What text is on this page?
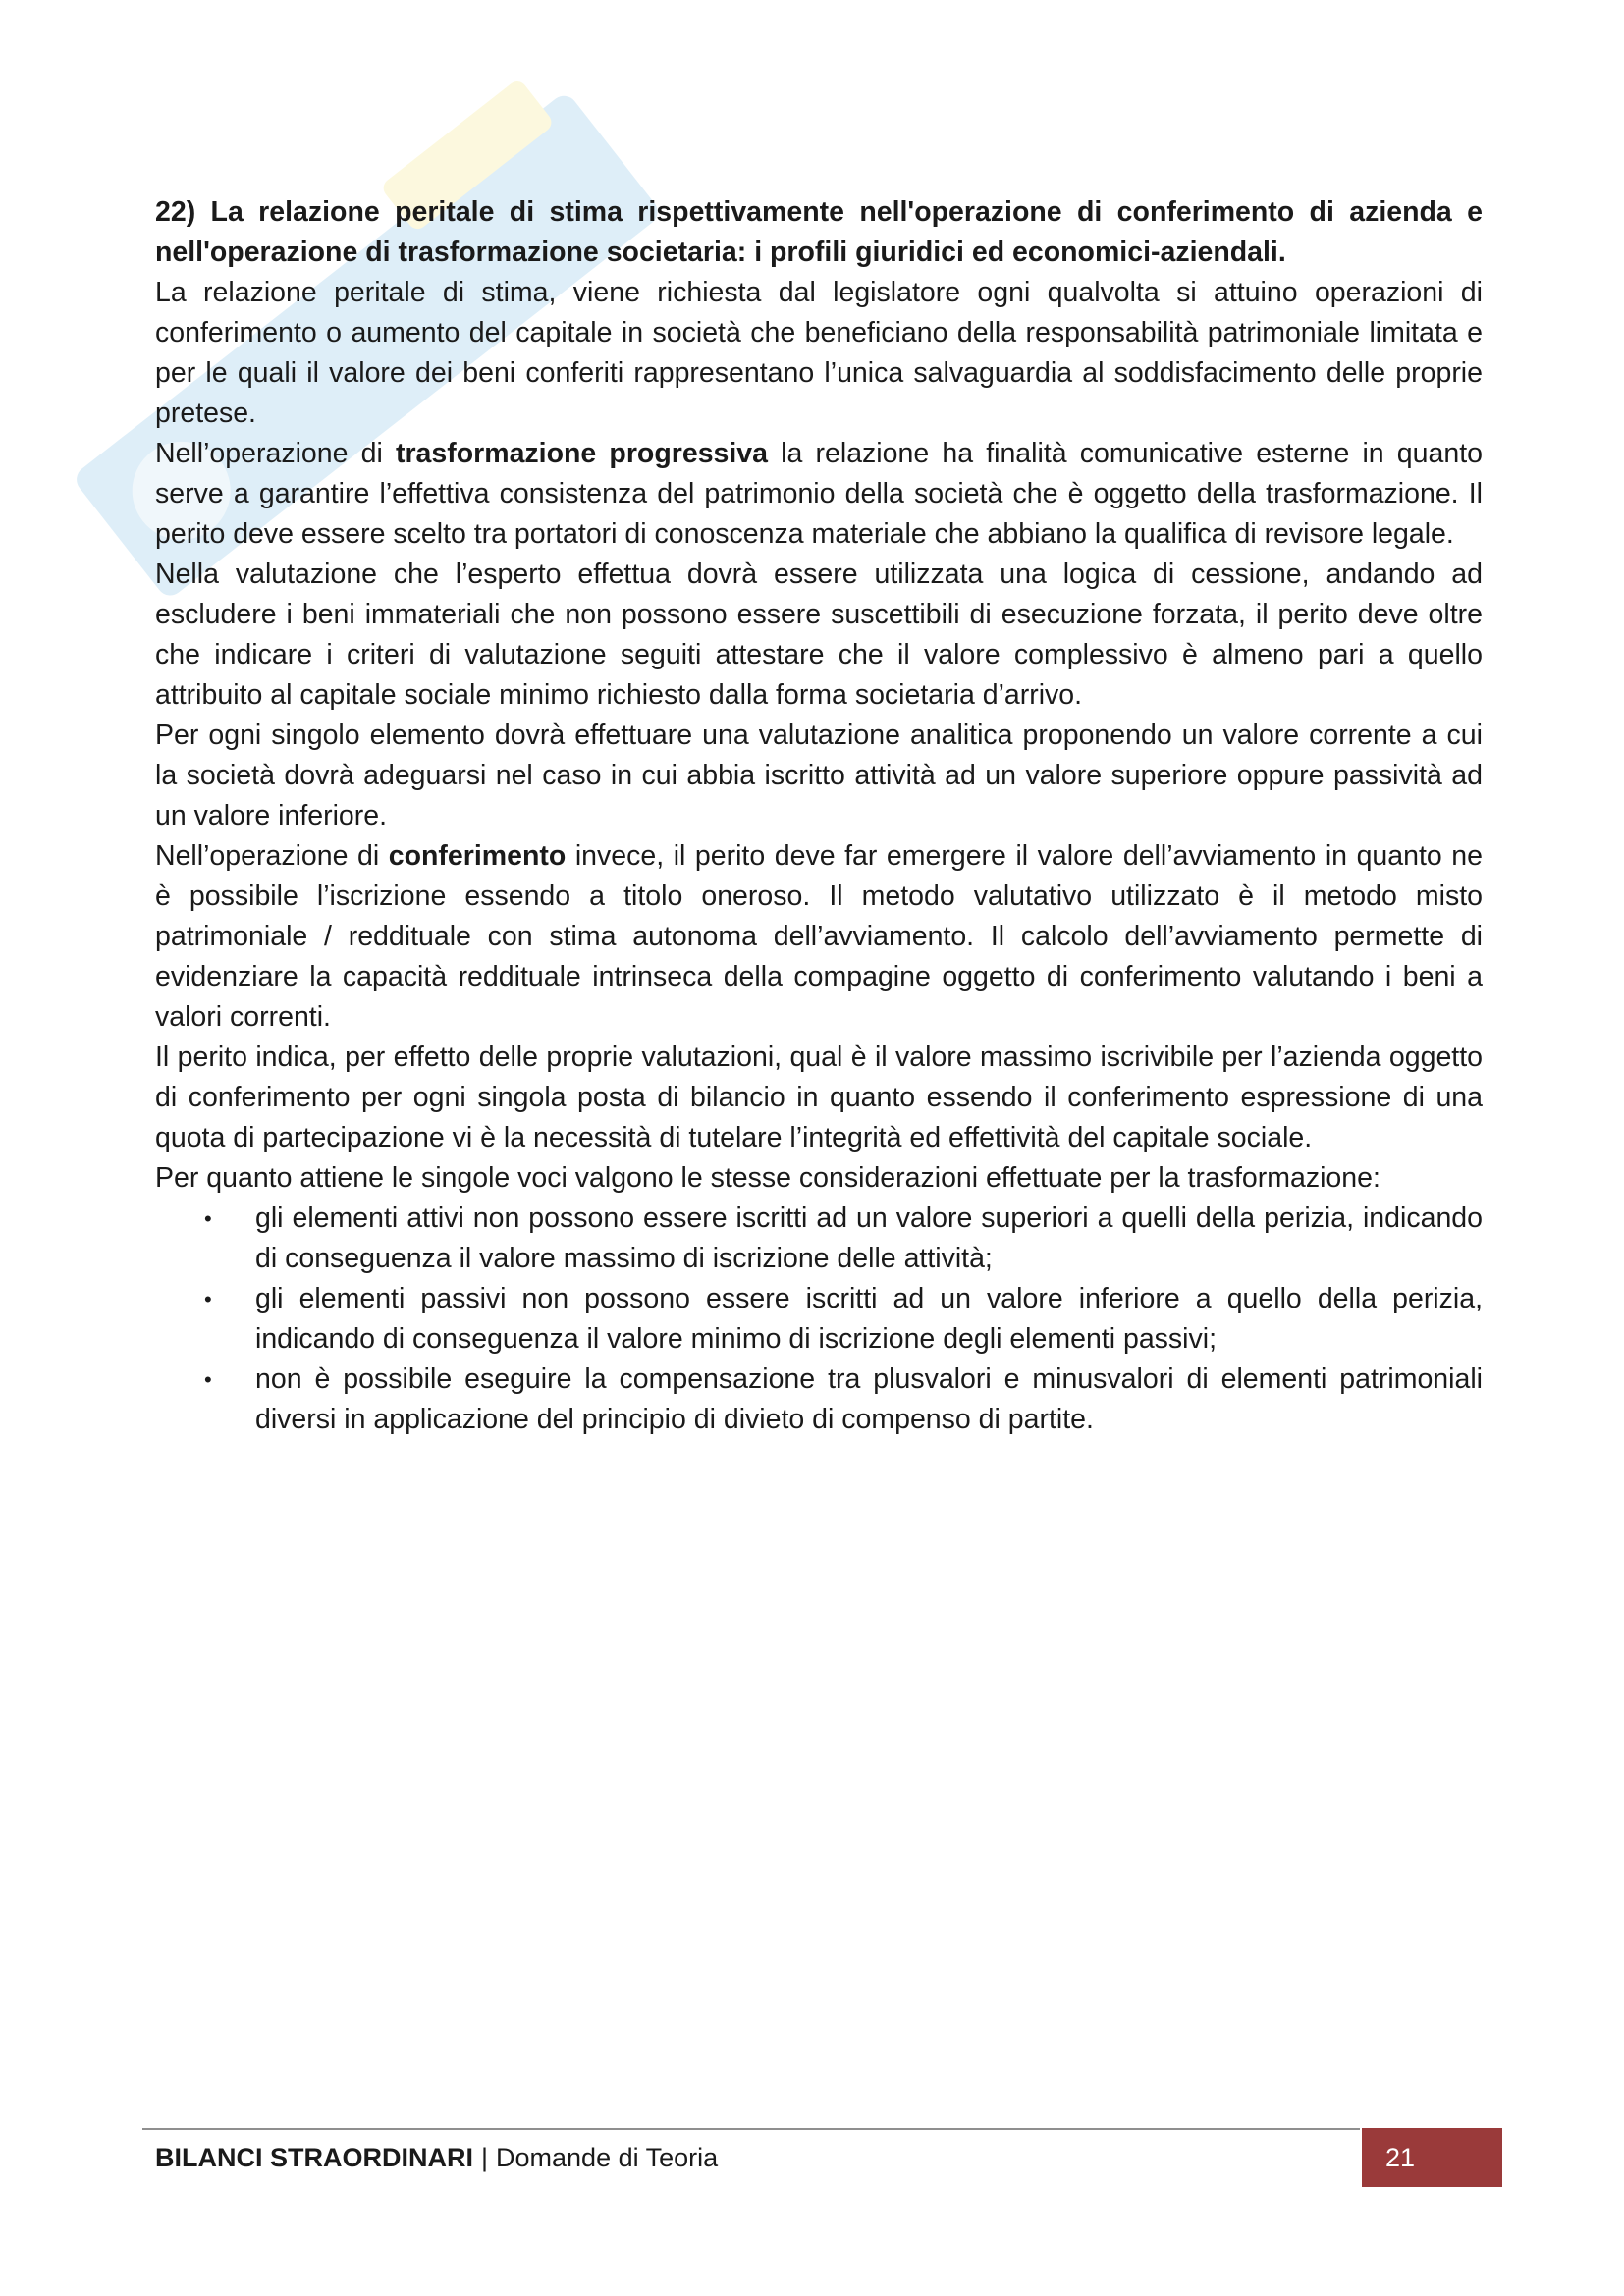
22) La relazione peritale di stima rispettivamente nell'operazione di conferimento di azienda e nell'operazione di trasformazione societaria: i profili giuridici ed economici-aziendali.

La relazione peritale di stima, viene richiesta dal legislatore ogni qualvolta si attuino operazioni di conferimento o aumento del capitale in società che beneficiano della responsabilità patrimoniale limitata e per le quali il valore dei beni conferiti rappresentano l’unica salvaguardia al soddisfacimento delle proprie pretese.

Nell’operazione di trasformazione progressiva la relazione ha finalità comunicative esterne in quanto serve a garantire l’effettiva consistenza del patrimonio della società che è oggetto della trasformazione. Il perito deve essere scelto tra portatori di conoscenza materiale che abbiano la qualifica di revisore legale.

Nella valutazione che l’esperto effettua dovrà essere utilizzata una logica di cessione, andando ad escludere i beni immateriali che non possono essere suscettibili di esecuzione forzata, il perito deve oltre che indicare i criteri di valutazione seguiti attestare che il valore complessivo è almeno pari a quello attribuito al capitale sociale minimo richiesto dalla forma societaria d’arrivo.

Per ogni singolo elemento dovrà effettuare una valutazione analitica proponendo un valore corrente a cui la società dovrà adeguarsi nel caso in cui abbia iscritto attività ad un valore superiore oppure passività ad un valore inferiore.

Nell’operazione di conferimento invece, il perito deve far emergere il valore dell’avviamento in quanto ne è possibile l’iscrizione essendo a titolo oneroso. Il metodo valutativo utilizzato è il metodo misto patrimoniale / reddituale con stima autonoma dell’avviamento. Il calcolo dell’avviamento permette di evidenziare la capacità reddituale intrinseca della compagine oggetto di conferimento valutando i beni a valori correnti.

Il perito indica, per effetto delle proprie valutazioni, qual è il valore massimo iscrivibile per l’azienda oggetto di conferimento per ogni singola posta di bilancio in quanto essendo il conferimento espressione di una quota di partecipazione vi è la necessità di tutelare l’integrità ed effettività del capitale sociale.

Per quanto attiene le singole voci valgono le stesse considerazioni effettuate per la trasformazione:

• gli elementi attivi non possono essere iscritti ad un valore superiori a quelli della perizia, indicando di conseguenza il valore massimo di iscrizione delle attività;
• gli elementi passivi non possono essere iscritti ad un valore inferiore a quello della perizia, indicando di conseguenza il valore minimo di iscrizione degli elementi passivi;
• non è possibile eseguire la compensazione tra plusvalori e minusvalori di elementi patrimoniali diversi in applicazione del principio di divieto di compenso di partite.
BILANCI STRAORDINARI | Domande di Teoria	21
